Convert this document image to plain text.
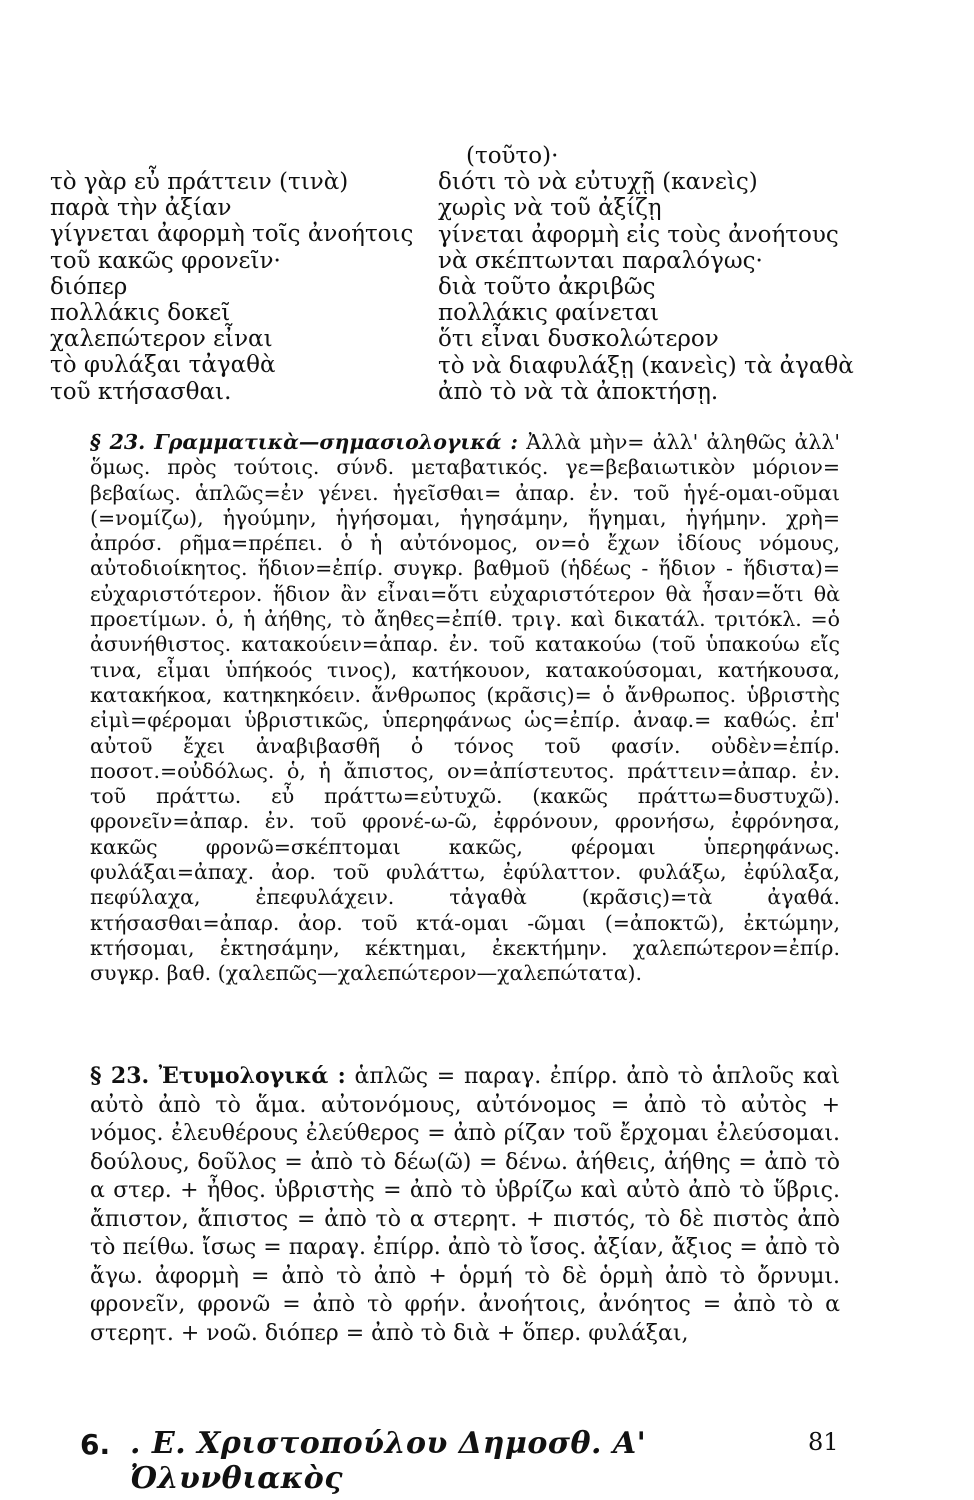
τὸ γὰρ εὖ πράττειν (τινὰ)
παρὰ τὴν ἀξίαν
γίγνεται ἀφορμὴ τοῖς ἀνοήτοις
τοῦ κακῶς φρονεῖν·
διόπερ
πολλάκις δοκεῖ
χαλεπώτερον εἶναι
τὸ φυλάξαι τἀγαθὰ
τοῦ κτήσασθαι.
(τοῦτο)·
διότι τὸ νὰ εὐτυχῇ (κανεὶς)
χωρὶς νὰ τοῦ ἀξίζῃ
γίνεται ἀφορμὴ εἰς τοὺς ἀνοήτους
νὰ σκέπτωνται παραλόγως·
διὰ τοῦτο ἀκριβῶς
πολλάκις φαίνεται
ὅτι εἶναι δυσκολώτερον
τὸ νὰ διαφυλάξῃ (κανεὶς) τὰ ἀγαθὰ
ἀπὸ τὸ νὰ τὰ ἀποκτήσῃ.

§ 23. Γραμματικὰ—σημασιολογικά : Ἀλλὰ μὴν= ἀλλ' ἀληθῶς ἀλλ' ὅμως. πρὸς τούτοις. σύνδ. μεταβατικός. γε=βεβαιωτικὸν μόριον= βεβαίως. ἁπλῶς=ἐν γένει. ἡγεῖσθαι= ἀπαρ. ἐν. τοῦ ἡγέ-ομαι-οῦμαι (=νομίζω), ἡγούμην, ἡγήσομαι, ἡγησάμην, ἥγημαι, ἡγήμην. χρὴ= ἀπρόσ. ρῆμα=πρέπει. ὁ ἡ αὐτόνομος, ον=ὁ ἔχων ἰδίους νόμους, αὐτοδιοίκητος. ἥδιον=ἐπίρ. συγκρ. βαθμοῦ (ἡδέως - ἥδιον - ἥδιστα)= εὐχαριστότερον. ἥδιον ἂν εἶναι=ὅτι εὐχαριστότερον θὰ ἦσαν=ὅτι θὰ προετίμων. ὁ, ἡ ἀήθης, τὸ ἄηθες=ἐπίθ. τριγ. καὶ δικατάλ. τριτόκλ. =ὁ ἀσυνήθιστος. κατακούειν=ἀπαρ. ἐν. τοῦ κατακούω (τοῦ ὑπακούω εἴς τινα, εἶμαι ὑπήκοός τινος), κατήκουον, κατακούσομαι, κατήκουσα, κατακήκοα, κατηκηκόειν. ἄνθρωπος (κρᾶσις)= ὁ ἄνθρωπος. ὑβριστὴς εἰμὶ=φέρομαι ὑβριστικῶς, ὑπερηφάνως ὡς=ἐπίρ. ἀναφ.= καθώς. ἐπ' αὐτοῦ ἔχει ἀναβιβασθῆ ὁ τόνος τοῦ φασίν. οὐδὲν=ἐπίρ. ποσοτ.=οὐδόλως. ὁ, ἡ ἄπιστος, ον=ἀπίστευτος. πράττειν=ἀπαρ. ἐν. τοῦ πράττω. εὖ πράττω=εὐτυχῶ. (κακῶς πράττω=δυστυχῶ). φρονεῖν=ἀπαρ. ἐν. τοῦ φρονέ-ω-ῶ, ἐφρόνουν, φρονήσω, ἐφρόνησα, κακῶς φρονῶ=σκέπτομαι κακῶς, φέρομαι ὑπερηφάνως. φυλάξαι=ἀπαχ. ἀορ. τοῦ φυλάττω, ἐφύλαττον. φυλάξω, ἐφύλαξα, πεφύλαχα, ἐπεφυλάχειν. τἀγαθὰ (κρᾶσις)=τὰ ἀγαθά. κτήσασθαι=ἀπαρ. ἀορ. τοῦ κτά-ομαι -ῶμαι (=ἀποκτῶ), ἐκτώμην, κτήσομαι, ἐκτησάμην, κέκτημαι, ἐκεκτήμην. χαλεπώτερον=ἐπίρ. συγκρ. βαθ. (χαλεπῶς—χαλεπώτερον—χαλεπώτατα).

§ 23. Ἐτυμολογικά : ἁπλῶς = παραγ. ἐπίρρ. ἀπὸ τὸ ἁπλοῦς καὶ αὐτὸ ἀπὸ τὸ ἅμα. αὐτονόμους, αὐτόνομος = ἀπὸ τὸ αὐτὸς + νόμος. ἐλευθέρους ἐλεύθερος = ἀπὸ ρίζαν τοῦ ἔρχομαι ἐλεύσομαι. δούλους, δοῦλος = ἀπὸ τὸ δέω(ῶ) = δένω. ἀήθεις, ἀήθης = ἀπὸ τὸ α στερ. + ἦθος. ὑβριστὴς = ἀπὸ τὸ ὑβρίζω καὶ αὐτὸ ἀπὸ τὸ ὕβρις. ἄπιστον, ἄπιστος = ἀπὸ τὸ α στερητ. + πιστός, τὸ δὲ πιστὸς ἀπὸ τὸ πείθω. ἴσως = παραγ. ἐπίρρ. ἀπὸ τὸ ἴσος. ἀξίαν, ἄξιος = ἀπὸ τὸ ἄγω. ἀφορμὴ = ἀπὸ τὸ ἀπὸ + ὁρμή τὸ δὲ ὁρμὴ ἀπὸ τὸ ὄρνυμι. φρονεῖν, φρονῶ = ἀπὸ τὸ φρήν. ἀνοήτοις, ἀνόητος = ἀπὸ τὸ α στερητ. + νοῶ. διόπερ = ἀπὸ τὸ διὰ + ὅπερ. φυλάξαι,

6. . Ε. Χριστοπούλου Δημοσθ. Α' Ὀλυνθιακὸς
81
